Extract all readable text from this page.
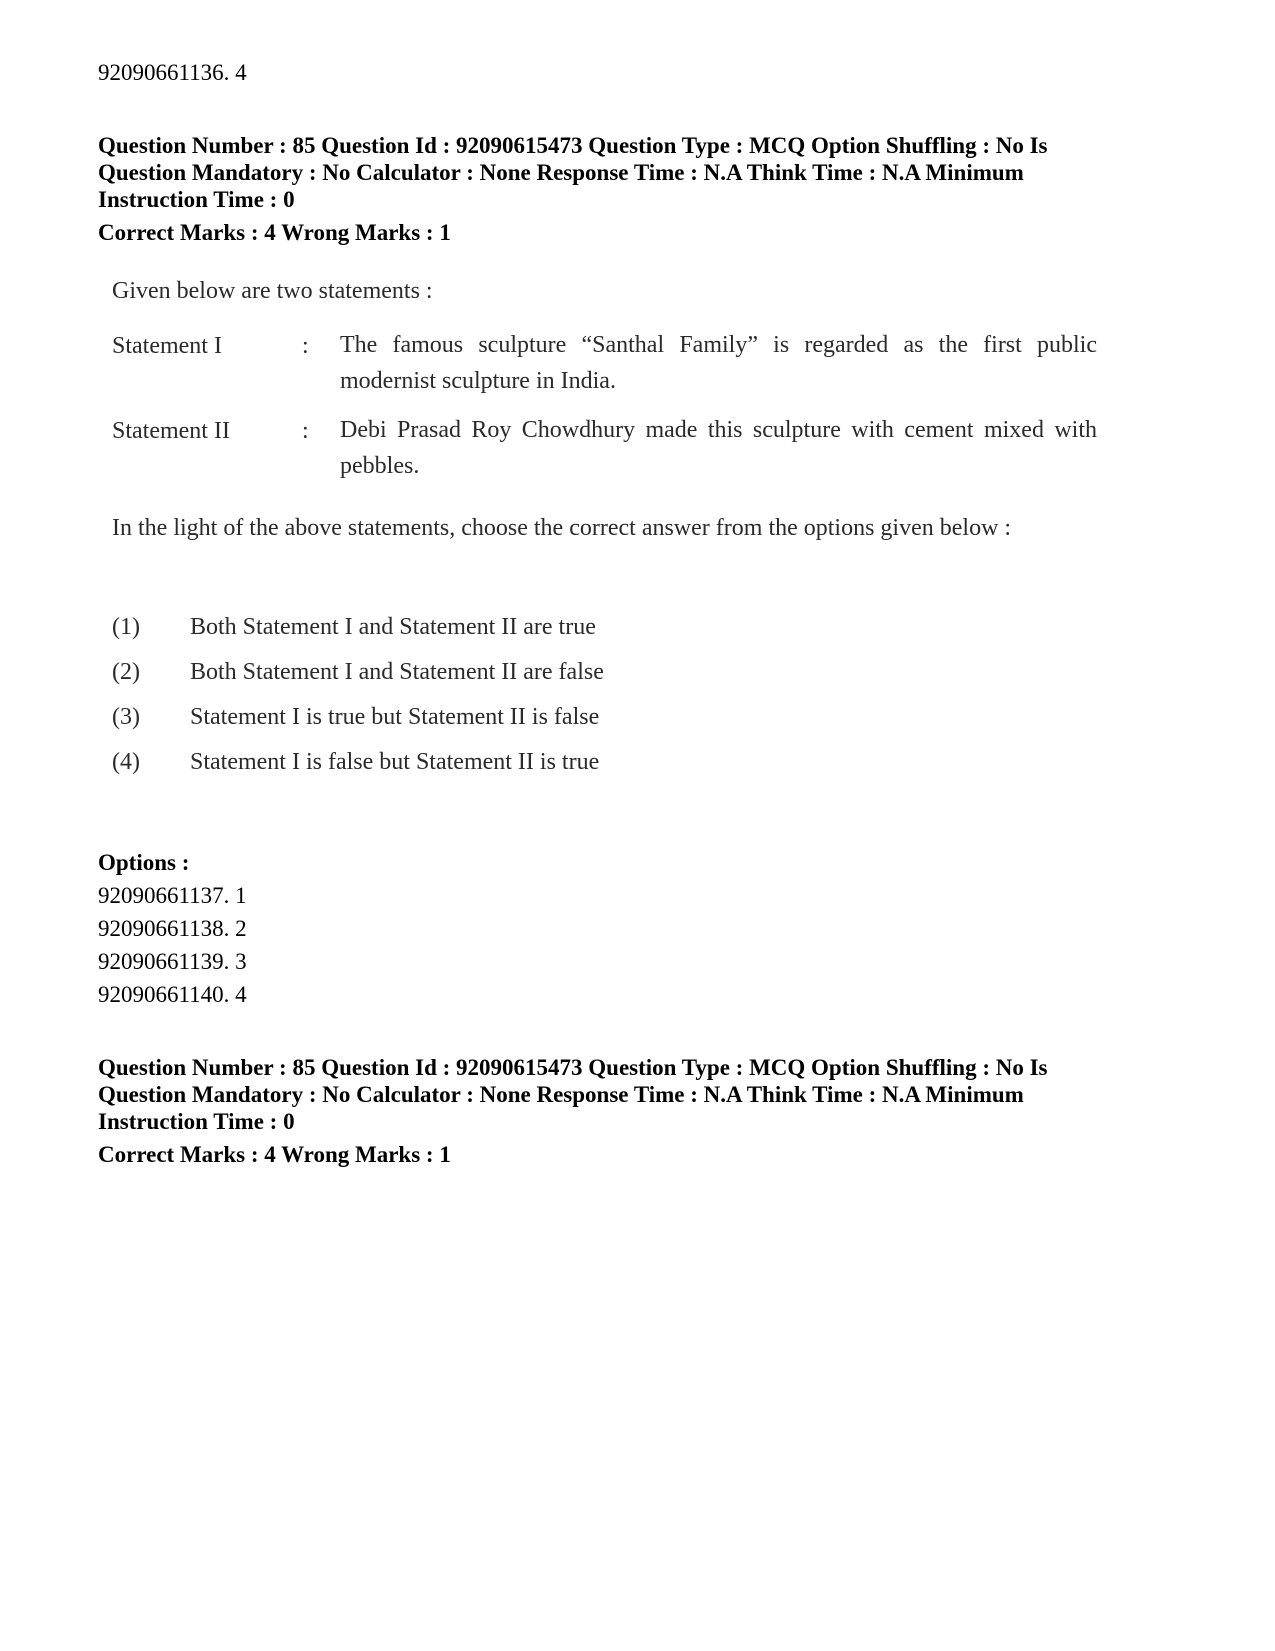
92090661136. 4
Question Number : 85 Question Id : 92090615473 Question Type : MCQ Option Shuffling : No Is
Question Mandatory : No Calculator : None Response Time : N.A Think Time : N.A Minimum
Instruction Time : 0
Correct Marks : 4 Wrong Marks : 1
Given below are two statements :
Statement I	: The famous sculpture “Santhal Family” is regarded as the first public modernist sculpture in India.
Statement II	: Debi Prasad Roy Chowdhury made this sculpture with cement mixed with pebbles.
In the light of the above statements, choose the correct answer from the options given below :
(1) Both Statement I and Statement II are true
(2) Both Statement I and Statement II are false
(3) Statement I is true but Statement II is false
(4) Statement I is false but Statement II is true
Options :
92090661137. 1
92090661138. 2
92090661139. 3
92090661140. 4
Question Number : 85 Question Id : 92090615473 Question Type : MCQ Option Shuffling : No Is
Question Mandatory : No Calculator : None Response Time : N.A Think Time : N.A Minimum
Instruction Time : 0
Correct Marks : 4 Wrong Marks : 1
